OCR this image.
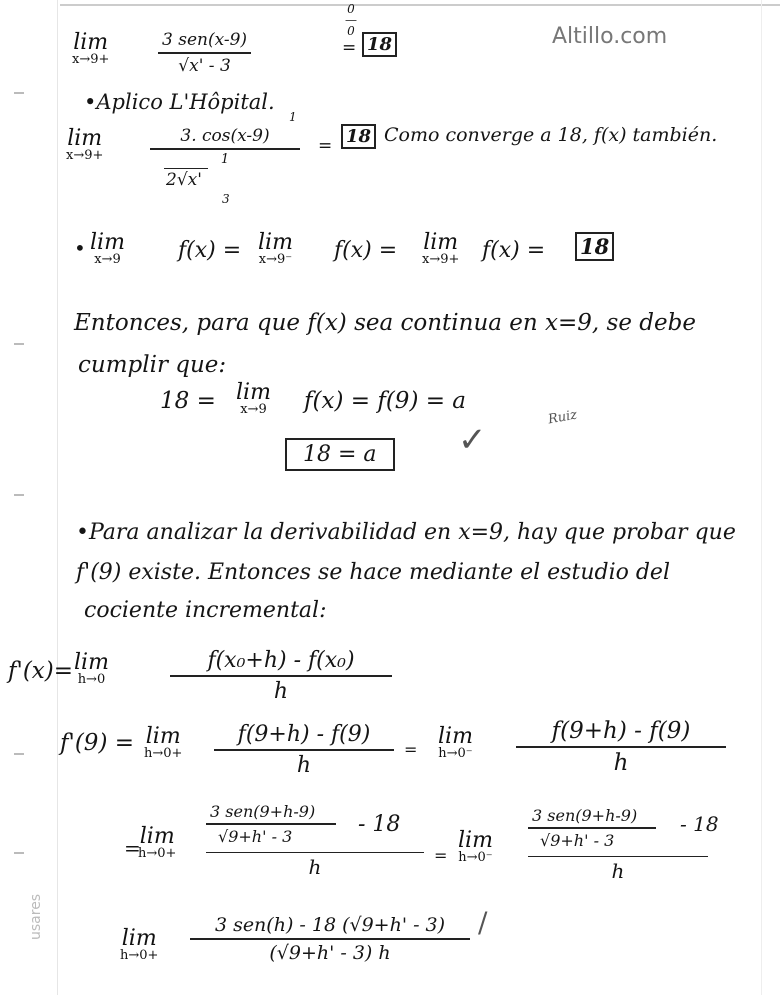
Altillo.com
usares
lim
x→9+
3 sen(x-9)
√x' - 3
0
—
0
= 18
•Aplico L'Hôpital.
lim
x→9+
3. cos(x-9)
1
2√x'
1
3
= 18 Como converge a 18, f(x) también.
• lim
x→9	f(x) = lim
x→9⁻ f(x) = lim
x→9+ f(x) = 18
Entonces, para que f(x) sea continua en x=9, se debe
cumplir que:
18 = lim
x→9 f(x) = f(9) = a
18 = a	✓
Ruiz
•Para analizar la derivabilidad en x=9, hay que probar que
f'(9) existe. Entonces se hace mediante el estudio del
cociente incremental:
f'(x)= lim
h→0
f(x₀+h) - f(x₀)
h
f'(9) = lim
h→0+
f(9+h) - f(9)
h
=
lim
h→0⁻
f(9+h) - f(9)
h
=
lim
h→0+
3 sen(9+h-9)
√9+h' - 3
h
- 18
=
lim
h→0⁻
3 sen(9+h-9)
√9+h' - 3
h
- 18
lim
h→0+
3 sen(h) - 18 (√9+h' - 3)
(√9+h' - 3) h
/
